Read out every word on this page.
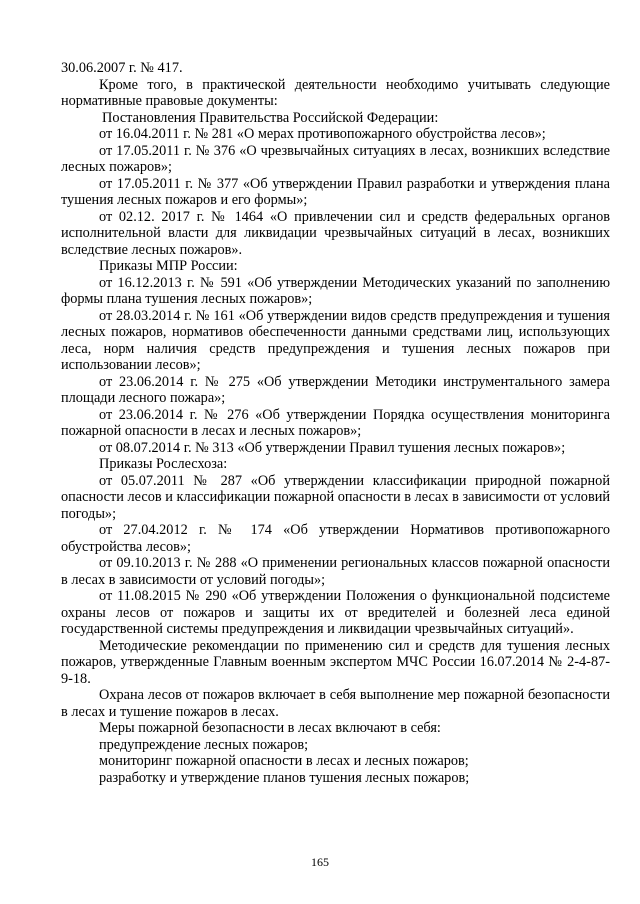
30.06.2007 г. № 417.

Кроме того, в практической деятельности необходимо учитывать следующие нормативные правовые документы:

Постановления Правительства Российской Федерации:

от 16.04.2011 г. № 281 «О мерах противопожарного обустройства лесов»;

от 17.05.2011 г. № 376 «О чрезвычайных ситуациях в лесах, возникших вследствие лесных пожаров»;

от 17.05.2011 г. № 377 «Об утверждении Правил разработки и утверждения плана тушения лесных пожаров и его формы»;

от 02.12. 2017 г. № 1464 «О привлечении сил и средств федеральных органов исполнительной власти для ликвидации чрезвычайных ситуаций в лесах, возникших вследствие лесных пожаров».

Приказы МПР России:

от 16.12.2013 г. № 591 «Об утверждении Методических указаний по заполнению формы плана тушения лесных пожаров»;

от 28.03.2014 г. № 161 «Об утверждении видов средств предупреждения и тушения лесных пожаров, нормативов обеспеченности данными средствами лиц, использующих леса, норм наличия средств предупреждения и тушения лесных пожаров при использовании лесов»;

от 23.06.2014 г. № 275 «Об утверждении Методики инструментального замера площади лесного пожара»;

от 23.06.2014 г. № 276 «Об утверждении Порядка осуществления мониторинга пожарной опасности в лесах и лесных пожаров»;

от 08.07.2014 г. № 313 «Об утверждении Правил тушения лесных пожаров»;

Приказы Рослесхоза:

от 05.07.2011 № 287 «Об утверждении классификации природной пожарной опасности лесов и классификации пожарной опасности в лесах в зависимости от условий погоды»;

от 27.04.2012 г. № 174 «Об утверждении Нормативов противопожарного обустройства лесов»;

от 09.10.2013 г. № 288 «О применении региональных классов пожарной опасности в лесах в зависимости от условий погоды»;

от 11.08.2015 № 290 «Об утверждении Положения о функциональной подсистеме охраны лесов от пожаров и защиты их от вредителей и болезней леса единой государственной системы предупреждения и ликвидации чрезвычайных ситуаций».

Методические рекомендации по применению сил и средств для тушения лесных пожаров, утвержденные Главным военным экспертом МЧС России 16.07.2014 № 2-4-87-9-18.

Охрана лесов от пожаров включает в себя выполнение мер пожарной безопасности в лесах и тушение пожаров в лесах.

Меры пожарной безопасности в лесах включают в себя:

предупреждение лесных пожаров;

мониторинг пожарной опасности в лесах и лесных пожаров;

разработку и утверждение планов тушения лесных пожаров;

165
